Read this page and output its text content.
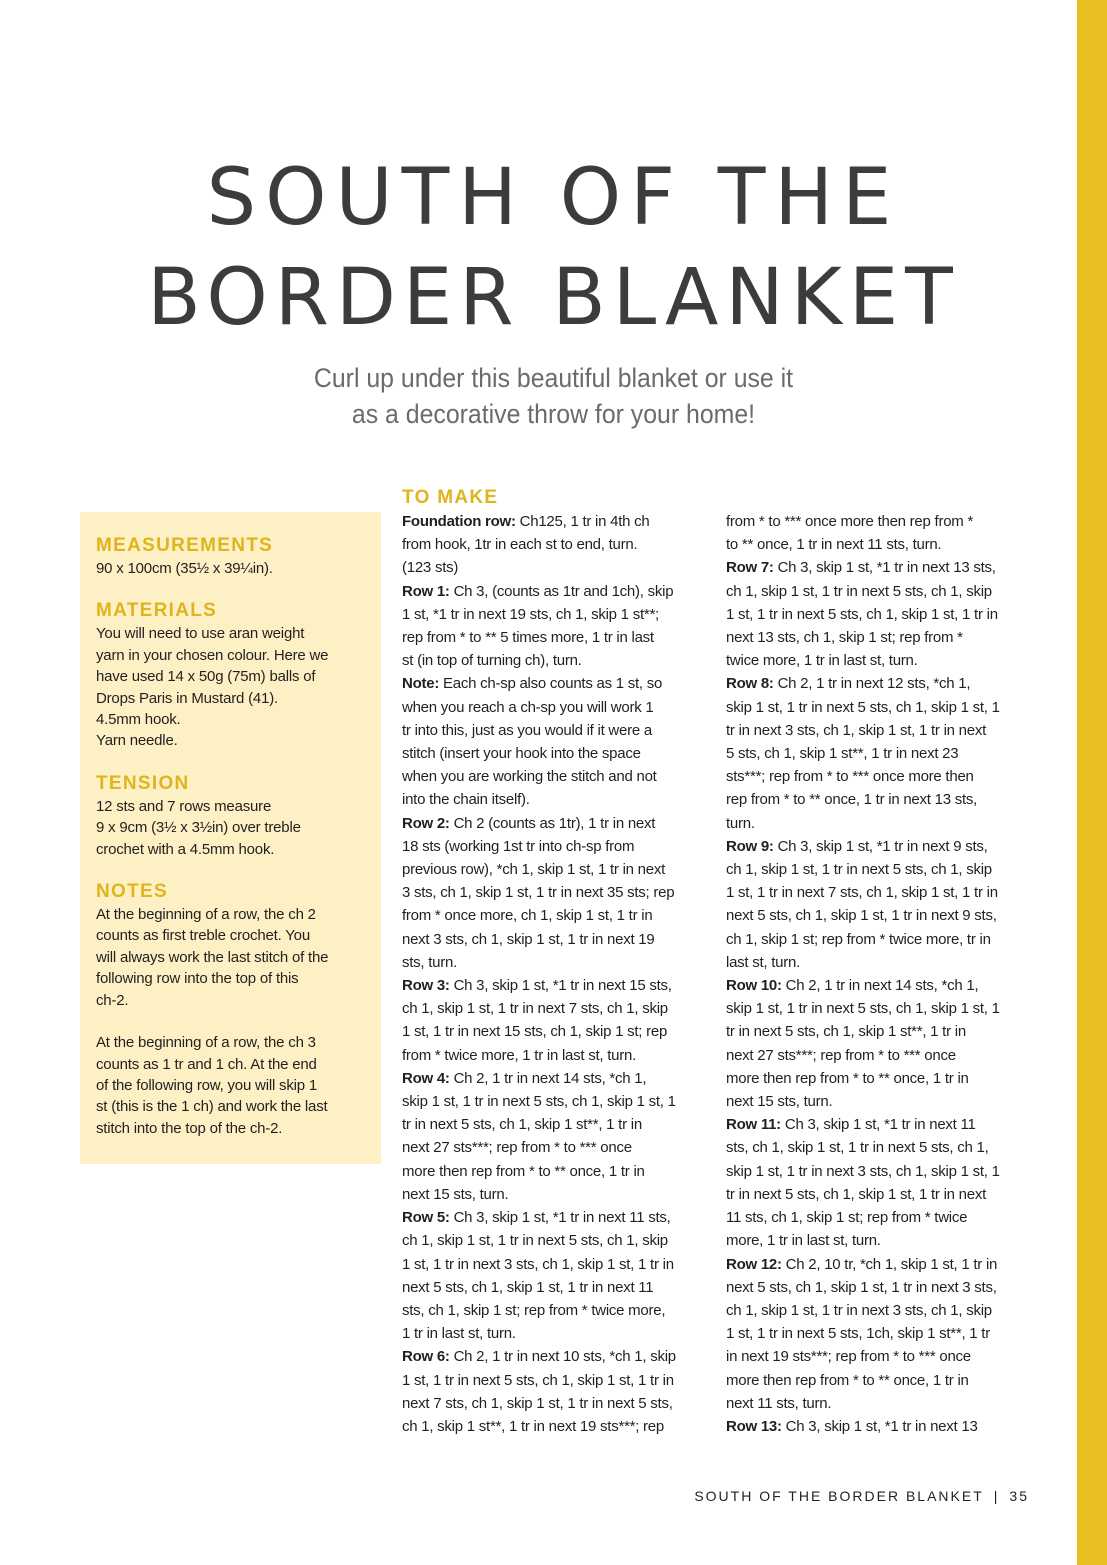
SOUTH OF THE
BORDER BLANKET
Curl up under this beautiful blanket or use it
as a decorative throw for your home!
MEASUREMENTS
90 x 100cm (35½ x 39¼in).
MATERIALS
You will need to use aran weight
yarn in your chosen colour. Here we
have used 14 x 50g (75m) balls of
Drops Paris in Mustard (41).
4.5mm hook.
Yarn needle.
TENSION
12 sts and 7 rows measure
9 x 9cm (3½ x 3½in) over treble
crochet with a 4.5mm hook.
NOTES

At the beginning of a row, the ch 2
counts as first treble crochet. You
will always work the last stitch of the
following row into the top of this
ch-2.

At the beginning of a row, the ch 3
counts as 1 tr and 1 ch. At the end
of the following row, you will skip 1
st (this is the 1 ch) and work the last
stitch into the top of the ch-2.

TO MAKE
Foundation row: Ch125, 1 tr in 4th ch
from hook, 1tr in each st to end, turn.
(123 sts)
Row 1: Ch 3, (counts as 1tr and 1ch), skip
1 st, *1 tr in next 19 sts, ch 1, skip 1 st**;
rep from * to ** 5 times more, 1 tr in last
st (in top of turning ch), turn.
Note: Each ch-sp also counts as 1 st, so
when you reach a ch-sp you will work 1
tr into this, just as you would if it were a
stitch (insert your hook into the space
when you are working the stitch and not
into the chain itself).
Row 2: Ch 2 (counts as 1tr), 1 tr in next
18 sts (working 1st tr into ch-sp from
previous row), *ch 1, skip 1 st, 1 tr in next
3 sts, ch 1, skip 1 st, 1 tr in next 35 sts; rep
from * once more, ch 1, skip 1 st, 1 tr in
next 3 sts, ch 1, skip 1 st, 1 tr in next 19
sts, turn.
Row 3: Ch 3, skip 1 st, *1 tr in next 15 sts,
ch 1, skip 1 st, 1 tr in next 7 sts, ch 1, skip
1 st, 1 tr in next 15 sts, ch 1, skip 1 st; rep
from * twice more, 1 tr in last st, turn.
Row 4: Ch 2, 1 tr in next 14 sts, *ch 1,
skip 1 st, 1 tr in next 5 sts, ch 1, skip 1 st, 1
tr in next 5 sts, ch 1, skip 1 st**, 1 tr in
next 27 sts***; rep from * to *** once
more then rep from * to ** once, 1 tr in
next 15 sts, turn.
Row 5: Ch 3, skip 1 st, *1 tr in next 11 sts,
ch 1, skip 1 st, 1 tr in next 5 sts, ch 1, skip
1 st, 1 tr in next 3 sts, ch 1, skip 1 st, 1 tr in
next 5 sts, ch 1, skip 1 st, 1 tr in next 11
sts, ch 1, skip 1 st; rep from * twice more,
1 tr in last st, turn.
Row 6: Ch 2, 1 tr in next 10 sts, *ch 1, skip
1 st, 1 tr in next 5 sts, ch 1, skip 1 st, 1 tr in
next 7 sts, ch 1, skip 1 st, 1 tr in next 5 sts,
ch 1, skip 1 st**, 1 tr in next 19 sts***; rep
from * to *** once more then rep from *
to ** once, 1 tr in next 11 sts, turn.
Row 7: Ch 3, skip 1 st, *1 tr in next 13 sts,
ch 1, skip 1 st, 1 tr in next 5 sts, ch 1, skip
1 st, 1 tr in next 5 sts, ch 1, skip 1 st, 1 tr in
next 13 sts, ch 1, skip 1 st; rep from *
twice more, 1 tr in last st, turn.
Row 8: Ch 2, 1 tr in next 12 sts, *ch 1,
skip 1 st, 1 tr in next 5 sts, ch 1, skip 1 st, 1
tr in next 3 sts, ch 1, skip 1 st, 1 tr in next
5 sts, ch 1, skip 1 st**, 1 tr in next 23
sts***; rep from * to *** once more then
rep from * to ** once, 1 tr in next 13 sts,
turn.
Row 9: Ch 3, skip 1 st, *1 tr in next 9 sts,
ch 1, skip 1 st, 1 tr in next 5 sts, ch 1, skip
1 st, 1 tr in next 7 sts, ch 1, skip 1 st, 1 tr in
next 5 sts, ch 1, skip 1 st, 1 tr in next 9 sts,
ch 1, skip 1 st; rep from * twice more, tr in
last st, turn.
Row 10: Ch 2, 1 tr in next 14 sts, *ch 1,
skip 1 st, 1 tr in next 5 sts, ch 1, skip 1 st, 1
tr in next 5 sts, ch 1, skip 1 st**, 1 tr in
next 27 sts***; rep from * to *** once
more then rep from * to ** once, 1 tr in
next 15 sts, turn.
Row 11: Ch 3, skip 1 st, *1 tr in next 11
sts, ch 1, skip 1 st, 1 tr in next 5 sts, ch 1,
skip 1 st, 1 tr in next 3 sts, ch 1, skip 1 st, 1
tr in next 5 sts, ch 1, skip 1 st, 1 tr in next
11 sts, ch 1, skip 1 st; rep from * twice
more, 1 tr in last st, turn.
Row 12: Ch 2, 10 tr, *ch 1, skip 1 st, 1 tr in
next 5 sts, ch 1, skip 1 st, 1 tr in next 3 sts,
ch 1, skip 1 st, 1 tr in next 3 sts, ch 1, skip
1 st, 1 tr in next 5 sts, 1ch, skip 1 st**, 1 tr
in next 19 sts***; rep from * to *** once
more then rep from * to ** once, 1 tr in
next 11 sts, turn.
Row 13: Ch 3, skip 1 st, *1 tr in next 13
SOUTH OF THE BORDER BLANKET | 35
